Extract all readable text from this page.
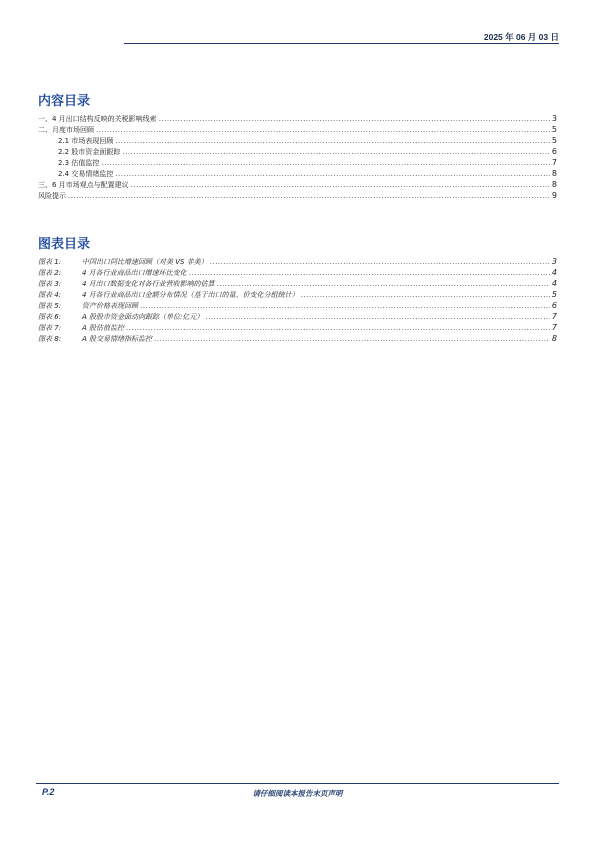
2025 年 06 月 03 日
内容目录
一、4 月出口结构反映的关税影响线索 .....	3
二、月度市场回顾 .....	5
2.1 市场表现回顾 .....	5
2.2 股市资金面跟踪 .....	6
2.3 估值监控 .....	7
2.4 交易情绪监控 .....	8
三、6 月市场观点与配置建议 .....	8
风险提示 .....	9
图表目录
图表 1:	中国出口同比增速回顾（对美 VS 非美） .....	3
图表 2:	4 月各行业商品出口增速环比变化 .....	4
图表 3:	4 月出口数据变化对各行业营收影响的估算 .....	4
图表 4:	4 月各行业商品出口金额分布情况（基于出口的量、价变化分组统计） .....	5
图表 5:	资产价格表现回顾 .....	6
图表 6:	A 股股市资金面动向跟踪（单位:亿元） .....	7
图表 7:	A 股估值监控 .....	7
图表 8:	A 股交易情绪指标监控 .....	8
P.2	请仔细阅读本报告末页声明
